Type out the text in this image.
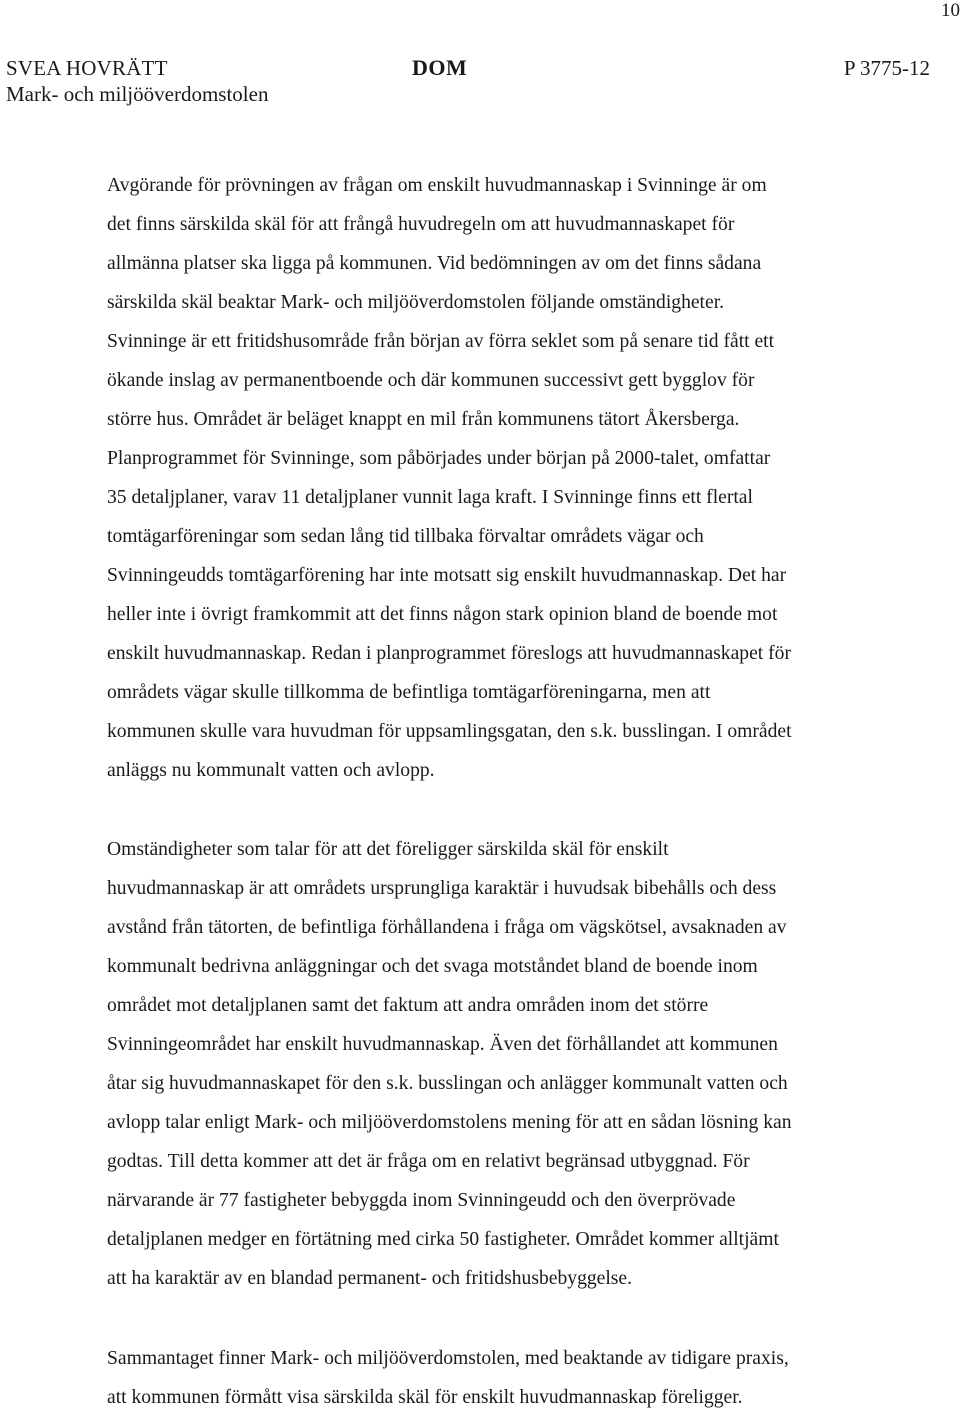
10
SVEA HOVRÄTT
Mark- och miljööverdomstolen
DOM	P 3775-12

Avgörande för prövningen av frågan om enskilt huvudmannaskap i Svinninge är om

det finns särskilda skäl för att frångå huvudregeln om att huvudmannaskapet för

allmänna platser ska ligga på kommunen. Vid bedömningen av om det finns sådana

särskilda skäl beaktar Mark- och miljööverdomstolen följande omständigheter.

Svinninge är ett fritidshusområde från början av förra seklet som på senare tid fått ett

ökande inslag av permanentboende och där kommunen successivt gett bygglov för

större hus. Området är beläget knappt en mil från kommunens tätort Åkersberga.

Planprogrammet för Svinninge, som påbörjades under början på 2000-talet, omfattar

35 detaljplaner, varav 11 detaljplaner vunnit laga kraft. I Svinninge finns ett flertal

tomtägarföreningar som sedan lång tid tillbaka förvaltar områdets vägar och

Svinningeudds tomtägarförening har inte motsatt sig enskilt huvudmannaskap. Det har

heller inte i övrigt framkommit att det finns någon stark opinion bland de boende mot

enskilt huvudmannaskap. Redan i planprogrammet föreslogs att huvudmannaskapet för

områdets vägar skulle tillkomma de befintliga tomtägarföreningarna, men att

kommunen skulle vara huvudman för uppsamlingsgatan, den s.k. busslingan. I området

anläggs nu kommunalt vatten och avlopp.

Omständigheter som talar för att det föreligger särskilda skäl för enskilt

huvudmannaskap är att områdets ursprungliga karaktär i huvudsak bibehålls och dess

avstånd från tätorten, de befintliga förhållandena i fråga om vägskötsel, avsaknaden av

kommunalt bedrivna anläggningar och det svaga motståndet bland de boende inom

området mot detaljplanen samt det faktum att andra områden inom det större

Svinningeområdet har enskilt huvudmannaskap. Även det förhållandet att kommunen

åtar sig huvudmannaskapet för den s.k. busslingan och anlägger kommunalt vatten och

avlopp talar enligt Mark- och miljööverdomstolens mening för att en sådan lösning kan

godtas. Till detta kommer att det är fråga om en relativt begränsad utbyggnad. För

närvarande är 77 fastigheter bebyggda inom Svinningeudd och den överprövade

detaljplanen medger en förtätning med cirka 50 fastigheter. Området kommer alltjämt

att ha karaktär av en blandad permanent- och fritidshusbebyggelse.

Sammantaget finner Mark- och miljööverdomstolen, med beaktande av tidigare praxis,

att kommunen förmått visa särskilda skäl för enskilt huvudmannaskap föreligger.
